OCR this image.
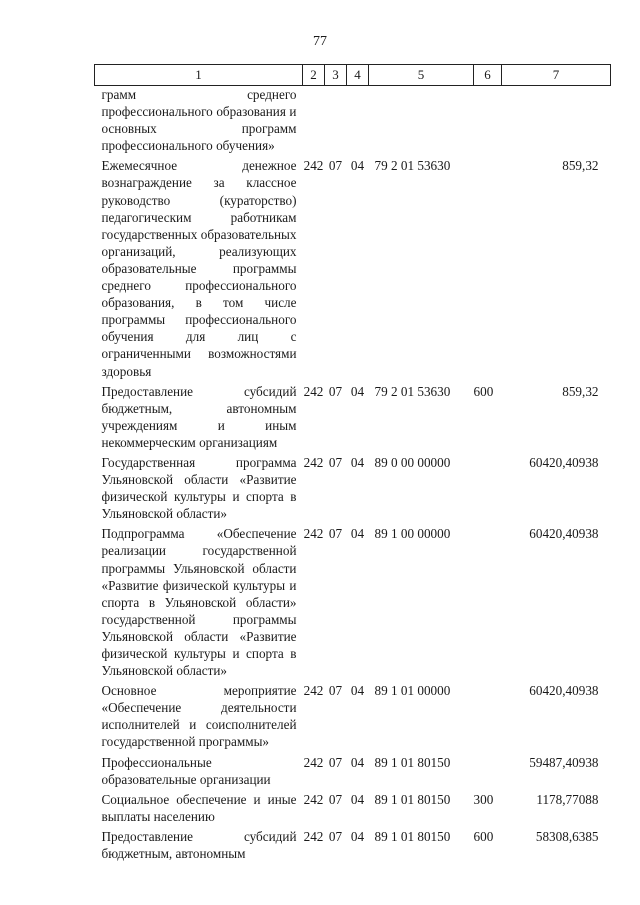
77
1	2	3	4	5	6	7
грамм среднего профессионального образования и основных программ профессионального обучения»						
Ежемесячное денежное вознаграждение за классное руководство (кураторство) педагогическим работникам государственных образовательных организаций, реализующих образовательные программы среднего профессионального образования, в том числе программы профессионального обучения для лиц с ограниченными возможностями здоровья	242	07	04	79 2 01 53630		859,32
Предоставление субсидий бюджетным, автономным учреждениям и иным некоммерческим организациям	242	07	04	79 2 01 53630	600	859,32
Государственная программа Ульяновской области «Развитие физической культуры и спорта в Ульяновской области»	242	07	04	89 0 00 00000		60420,40938
Подпрограмма «Обеспечение реализации государственной программы Ульяновской области «Развитие физической культуры и спорта в Ульяновской области» государственной программы Ульяновской области «Развитие физической культуры и спорта в Ульяновской области»	242	07	04	89 1 00 00000		60420,40938
Основное мероприятие «Обеспечение деятельности исполнителей и соисполнителей государственной программы»	242	07	04	89 1 01 00000		60420,40938
Профессиональные образовательные организации	242	07	04	89 1 01 80150		59487,40938
Социальное обеспечение и иные выплаты населению	242	07	04	89 1 01 80150	300	1178,77088
Предоставление субсидий бюджетным, автономным	242	07	04	89 1 01 80150	600	58308,6385
